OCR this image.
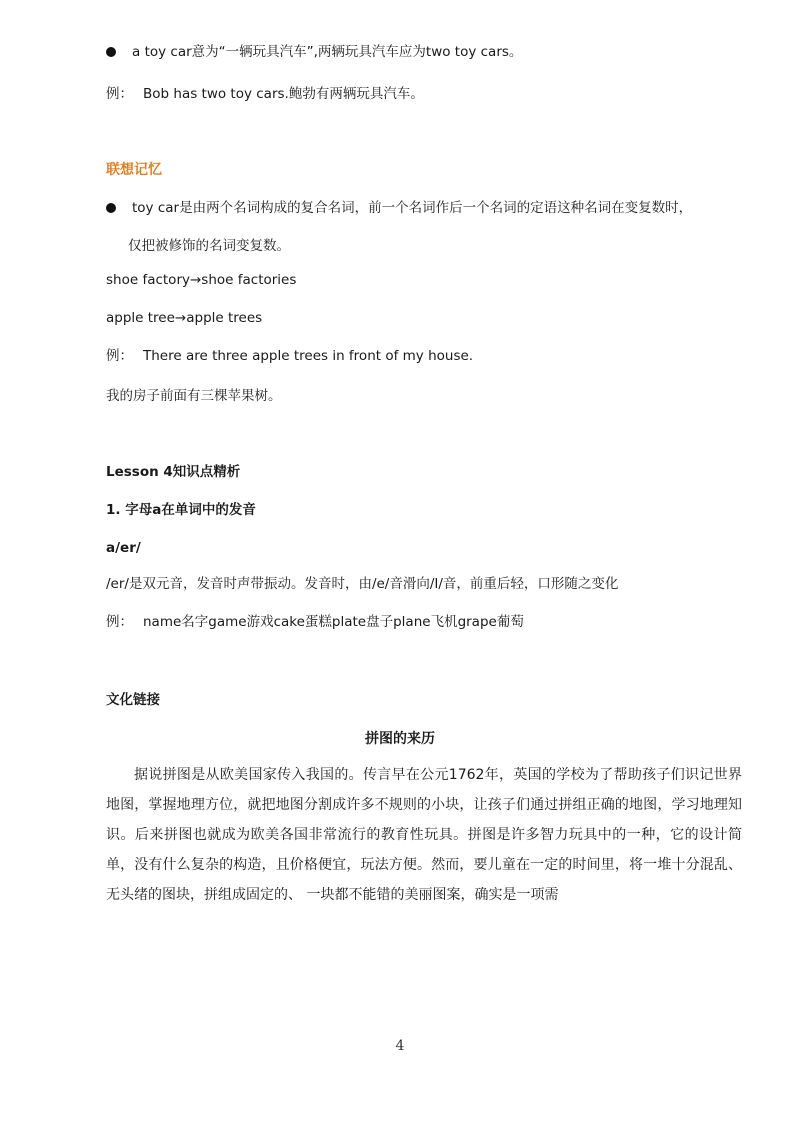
a toy car意为“一辆玩具汽车”,两辆玩具汽车应为two toy cars。
例： Bob has two toy cars.鲍勃有两辆玩具汽车。
联想记忆
toy car是由两个名词构成的复合名词，前一个名词作后一个名词的定语这种名词在变复数时，
仅把被修饰的名词变复数。
shoe factory→shoe factories
apple tree→apple trees
例： There are three apple trees in front of my house.
我的房子前面有三棵苹果树。
Lesson 4知识点精析
1. 字母a在单词中的发音
a/er/
/er/是双元音，发音时声带振动。发音时，由/e/音滑向/I/音，前重后轻，口形随之变化
例： name名字game游戏cake蛋糕plate盘子plane飞机grape葡萄
文化链接
拼图的来历
据说拼图是从欧美国家传入我国的。传言早在公元1762年，英国的学校为了帮助孩子们识记世界地图，掌握地理方位，就把地图分割成许多不规则的小块，让孩子们通过拼组正确的地图，学习地理知识。后来拼图也就成为欧美各国非常流行的教育性玩具。拼图是许多智力玩具中的一种，它的设计简单，没有什么复杂的构造，且价格便宜，玩法方便。然而，要儿童在一定的时间里，将一堆十分混乱、无头绪的图块，拼组成固定的、 一块都不能错的美丽图案，确实是一项需
4
